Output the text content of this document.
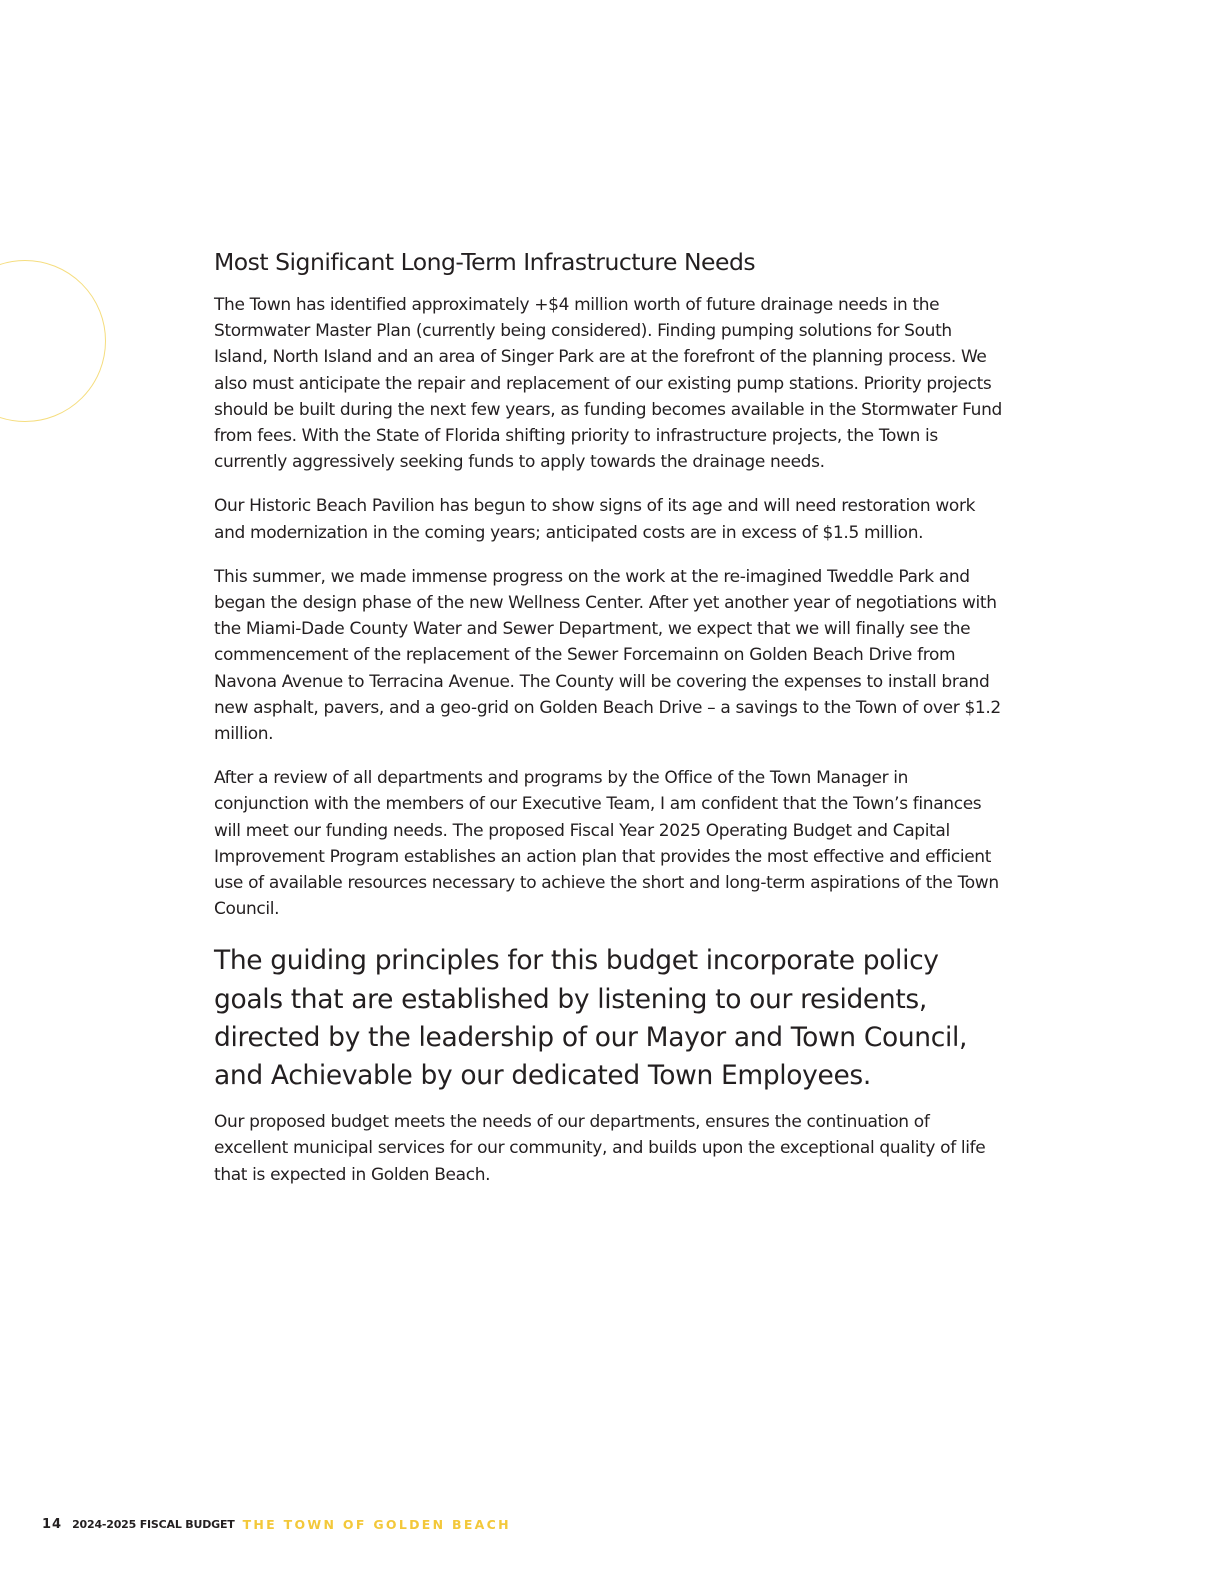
Most Significant Long-Term Infrastructure Needs

The Town has identified approximately +$4 million worth of future drainage needs in the Stormwater Master Plan (currently being considered). Finding pumping solutions for South Island, North Island and an area of Singer Park are at the forefront of the planning process. We also must anticipate the repair and replacement of our existing pump stations. Priority projects should be built during the next few years, as funding becomes available in the Stormwater Fund from fees. With the State of Florida shifting priority to infrastructure projects, the Town is currently aggressively seeking funds to apply towards the drainage needs.

Our Historic Beach Pavilion has begun to show signs of its age and will need restoration work and modernization in the coming years; anticipated costs are in excess of $1.5 million.

This summer, we made immense progress on the work at the re-imagined Tweddle Park and began the design phase of the new Wellness Center. After yet another year of negotiations with the Miami-Dade County Water and Sewer Department, we expect that we will finally see the commencement of the replacement of the Sewer Forcemainn on Golden Beach Drive from Navona Avenue to Terracina Avenue. The County will be covering the expenses to install brand new asphalt, pavers, and a geo-grid on Golden Beach Drive – a savings to the Town of over $1.2 million.

After a review of all departments and programs by the Office of the Town Manager in conjunction with the members of our Executive Team, I am confident that the Town’s finances will meet our funding needs. The proposed Fiscal Year 2025 Operating Budget and Capital Improvement Program establishes an action plan that provides the most effective and efficient use of available resources necessary to achieve the short and long-term aspirations of the Town Council.

The guiding principles for this budget incorporate policy goals that are established by listening to our residents, directed by the leadership of our Mayor and Town Council, and Achievable by our dedicated Town Employees.

Our proposed budget meets the needs of our departments, ensures the continuation of excellent municipal services for our community, and builds upon the exceptional quality of life that is expected in Golden Beach.

14 2024-2025 FISCAL BUDGET THE TOWN OF GOLDEN BEACH
